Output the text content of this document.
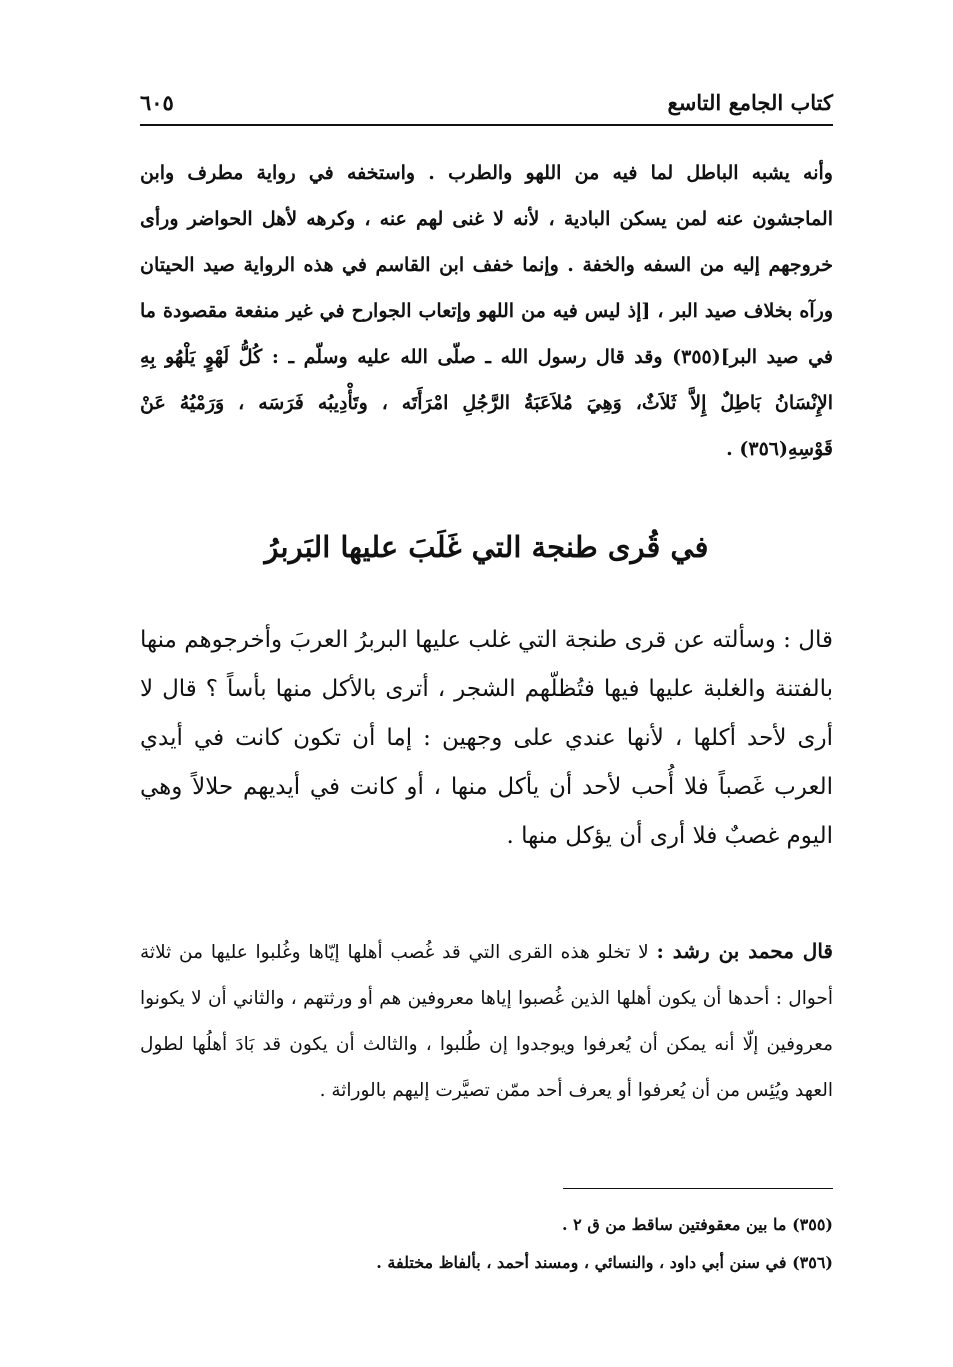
كتاب الجامع التاسع
٦٠٥
وأنه يشبه الباطل لما فيه من اللهو والطرب . واستخفه في رواية مطرف وابن الماجشون عنه لمن يسكن البادية ، لأنه لا غنى لهم عنه ، وكرهه لأهل الحواضر ورأى خروجهم إليه من السفه والخفة . وإنما خفف ابن القاسم في هذه الرواية صيد الحيتان ورآه بخلاف صيد البر ، [إذ ليس فيه من اللهو وإتعاب الجوارح في غير منفعة مقصودة ما في صيد البر](٣٥٥) وقد قال رسول الله ـ صلّى الله عليه وسلّم ـ : كُلُّ لَهْوٍ يَلْهُو بِهِ الإِنْسَانُ بَاطِلٌ إِلاَّ ثَلاَثٌ، وَهِيَ مُلاَعَبَةُ الرَّجُلِ امْرَأَتَه ، وتَأْدِيبُه فَرَسَه ، وَرَمْيُهُ عَنْ قَوْسِهِ(٣٥٦) .
في قُرى طنجة التي غَلَبَ عليها البَربرُ
قال : وسألته عن قرى طنجة التي غلب عليها البربرُ العربَ وأخرجوهم منها بالفتنة والغلبة عليها فيها فتُظلّهم الشجر ، أترى بالأكل منها بأساً ؟ قال لا أرى لأحد أكلها ، لأنها عندي على وجهين : إما أن تكون كانت في أيدي العرب غَصباً فلا أُحب لأحد أن يأكل منها ، أو كانت في أيديهم حلالاً وهي اليوم غصبٌ فلا أرى أن يؤكل منها .
قال محمد بن رشد : لا تخلو هذه القرى التي قد غُصب أهلها إيّاها وغُلبوا عليها من ثلاثة أحوال : أحدها أن يكون أهلها الذين غُصبوا إياها معروفين هم أو ورثتهم ، والثاني أن لا يكونوا معروفين إلّا أنه يمكن أن يُعرفوا ويوجدوا إن طُلبوا ، والثالث أن يكون قد بَادَ أهلُها لطول العهد ويُئِس من أن يُعرفوا أو يعرف أحد ممّن تصيَّرت إليهم بالوراثة .
(٣٥٥) ما بين معقوفتين ساقط من ق ٢ .
(٣٥٦) في سنن أبي داود ، والنسائي ، ومسند أحمد ، بألفاظ مختلفة .
